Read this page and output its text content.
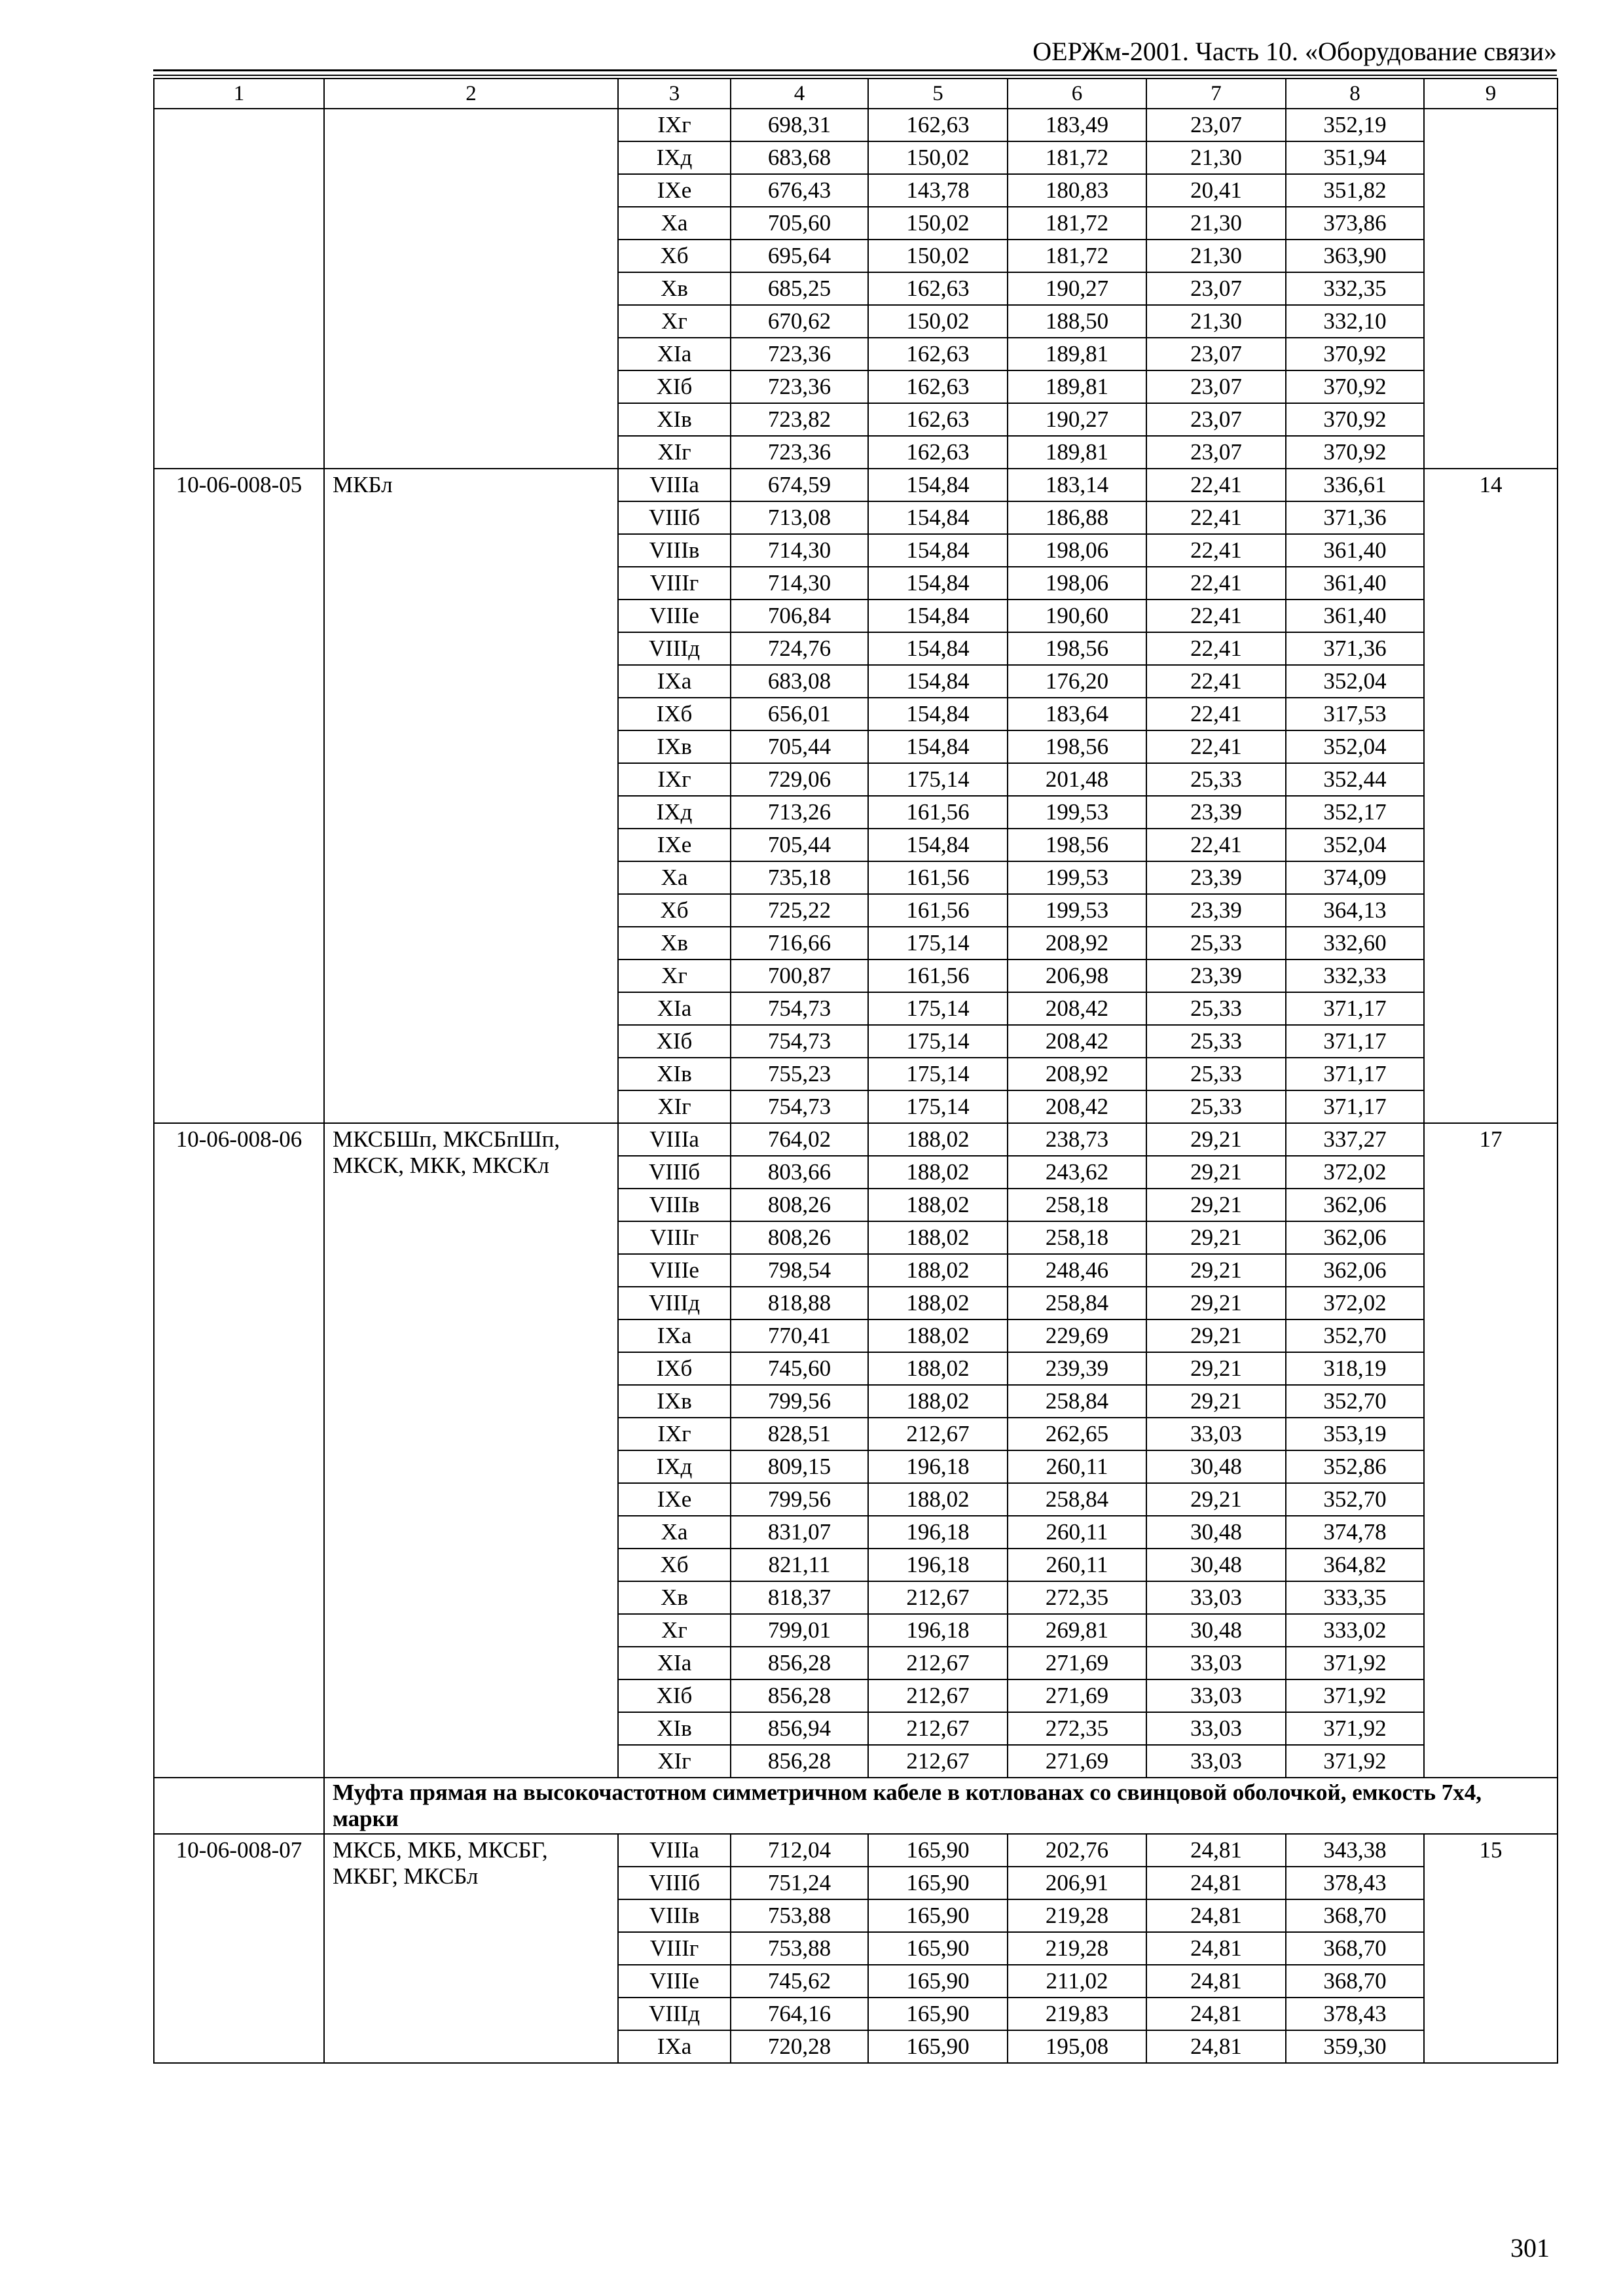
ОЕРЖм-2001. Часть 10. «Оборудование связи»
1	2	3	4	5	6	7	8	9
		IXг	698,31	162,63	183,49	23,07	352,19	
		IXд	683,68	150,02	181,72	21,30	351,94	
		IXе	676,43	143,78	180,83	20,41	351,82	
		Xа	705,60	150,02	181,72	21,30	373,86	
		Xб	695,64	150,02	181,72	21,30	363,90	
		Xв	685,25	162,63	190,27	23,07	332,35	
		Xг	670,62	150,02	188,50	21,30	332,10	
		XIа	723,36	162,63	189,81	23,07	370,92	
		XIб	723,36	162,63	189,81	23,07	370,92	
		XIв	723,82	162,63	190,27	23,07	370,92	
		XIг	723,36	162,63	189,81	23,07	370,92	
10-06-008-05	МКБл	VIIIа	674,59	154,84	183,14	22,41	336,61	14
		VIIIб	713,08	154,84	186,88	22,41	371,36	
		VIIIв	714,30	154,84	198,06	22,41	361,40	
		VIIIг	714,30	154,84	198,06	22,41	361,40	
		VIIIе	706,84	154,84	190,60	22,41	361,40	
		VIIIд	724,76	154,84	198,56	22,41	371,36	
		IXа	683,08	154,84	176,20	22,41	352,04	
		IXб	656,01	154,84	183,64	22,41	317,53	
		IXв	705,44	154,84	198,56	22,41	352,04	
		IXг	729,06	175,14	201,48	25,33	352,44	
		IXд	713,26	161,56	199,53	23,39	352,17	
		IXе	705,44	154,84	198,56	22,41	352,04	
		Xа	735,18	161,56	199,53	23,39	374,09	
		Xб	725,22	161,56	199,53	23,39	364,13	
		Xв	716,66	175,14	208,92	25,33	332,60	
		Xг	700,87	161,56	206,98	23,39	332,33	
		XIа	754,73	175,14	208,42	25,33	371,17	
		XIб	754,73	175,14	208,42	25,33	371,17	
		XIв	755,23	175,14	208,92	25,33	371,17	
		XIг	754,73	175,14	208,42	25,33	371,17	
10-06-008-06	МКСБШп, МКСБпШп, МКСК, МКК, МКСКл	VIIIа	764,02	188,02	238,73	29,21	337,27	17
		VIIIб	803,66	188,02	243,62	29,21	372,02	
		VIIIв	808,26	188,02	258,18	29,21	362,06	
		VIIIг	808,26	188,02	258,18	29,21	362,06	
		VIIIе	798,54	188,02	248,46	29,21	362,06	
		VIIIд	818,88	188,02	258,84	29,21	372,02	
		IXа	770,41	188,02	229,69	29,21	352,70	
		IXб	745,60	188,02	239,39	29,21	318,19	
		IXв	799,56	188,02	258,84	29,21	352,70	
		IXг	828,51	212,67	262,65	33,03	353,19	
		IXд	809,15	196,18	260,11	30,48	352,86	
		IXе	799,56	188,02	258,84	29,21	352,70	
		Xа	831,07	196,18	260,11	30,48	374,78	
		Xб	821,11	196,18	260,11	30,48	364,82	
		Xв	818,37	212,67	272,35	33,03	333,35	
		Xг	799,01	196,18	269,81	30,48	333,02	
		XIа	856,28	212,67	271,69	33,03	371,92	
		XIб	856,28	212,67	271,69	33,03	371,92	
		XIв	856,94	212,67	272,35	33,03	371,92	
		XIг	856,28	212,67	271,69	33,03	371,92	
	Муфта прямая на высокочастотном симметричном кабеле в котлованах со свинцовой оболочкой, емкость 7х4, марки							
10-06-008-07	МКСБ, МКБ, МКСБГ, МКБГ, МКСБл	VIIIа	712,04	165,90	202,76	24,81	343,38	15
		VIIIб	751,24	165,90	206,91	24,81	378,43	
		VIIIв	753,88	165,90	219,28	24,81	368,70	
		VIIIг	753,88	165,90	219,28	24,81	368,70	
		VIIIе	745,62	165,90	211,02	24,81	368,70	
		VIIIд	764,16	165,90	219,83	24,81	378,43	
		IXа	720,28	165,90	195,08	24,81	359,30	
301
